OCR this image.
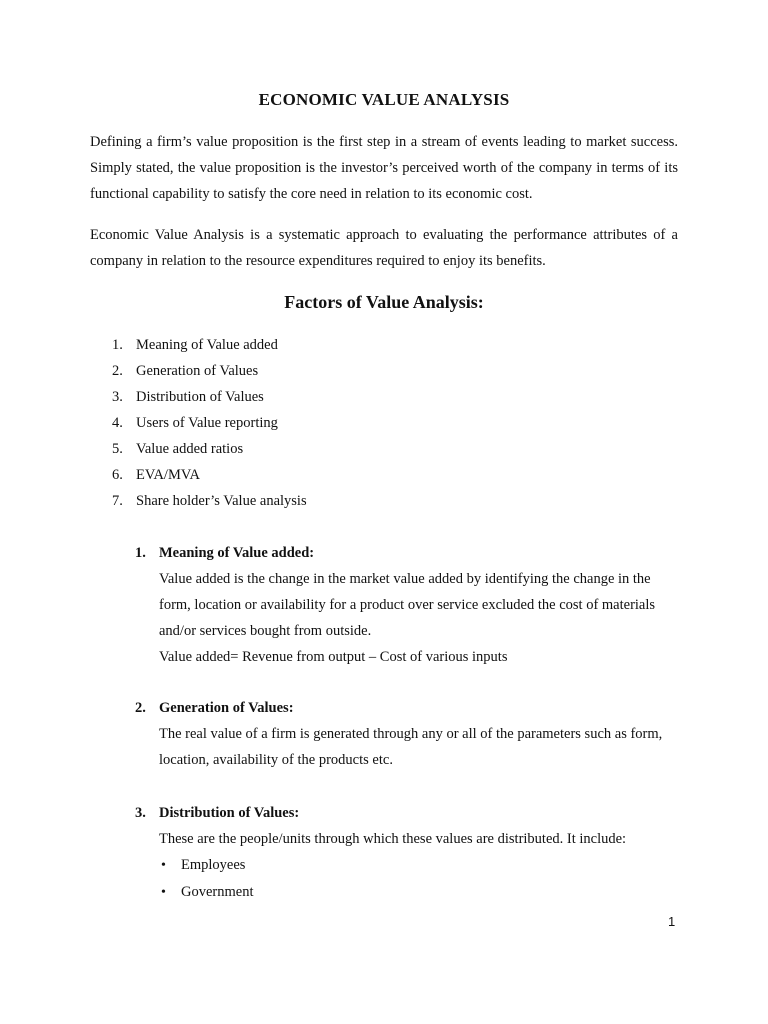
ECONOMIC VALUE ANALYSIS
Defining a firm’s value proposition is the first step in a stream of events leading to market success. Simply stated, the value proposition is the investor’s perceived worth of the company in terms of its functional capability to satisfy the core need in relation to its economic cost.
Economic Value Analysis is a systematic approach to evaluating the performance attributes of a company in relation to the resource expenditures required to enjoy its benefits.
Factors of Value Analysis:
1. Meaning of Value added
2. Generation of Values
3. Distribution of Values
4. Users of Value reporting
5. Value added ratios
6. EVA/MVA
7. Share holder’s Value analysis
1. Meaning of Value added:
Value added is the change in the market value added by identifying the change in the form, location or availability for a product over service excluded the cost of materials and/or services bought from outside.
Value added= Revenue from output – Cost of various inputs
2. Generation of Values:
The real value of a firm is generated through any or all of the parameters such as form, location, availability of the products etc.
3. Distribution of Values:
These are the people/units through which these values are distributed. It include:
•	Employees
•	Government
1
